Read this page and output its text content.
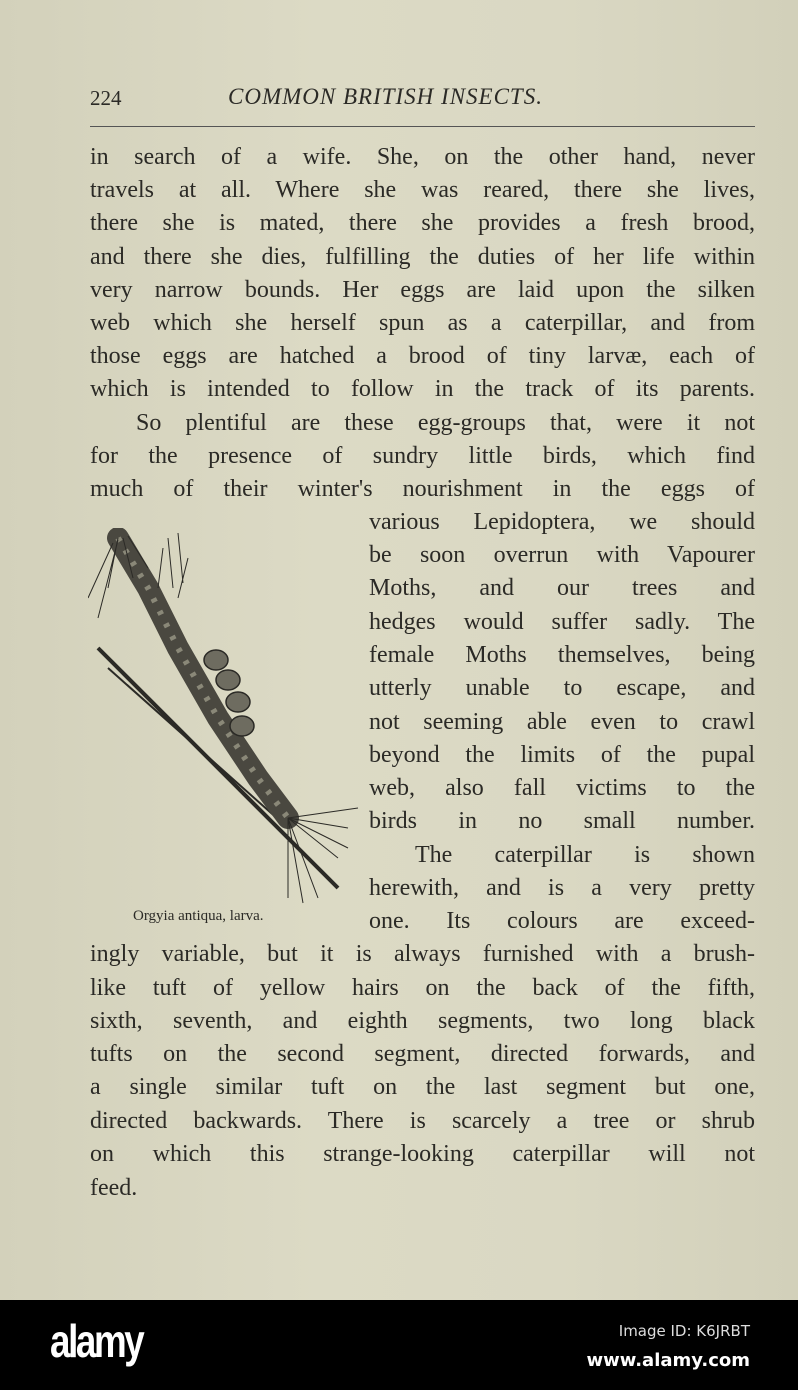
224	COMMON BRITISH INSECTS.
in search of a wife. She, on the other hand, never
travels at all. Where she was reared, there she lives,
there she is mated, there she provides a fresh brood,
and there she dies, fulfilling the duties of her life within
very narrow bounds. Her eggs are laid upon the silken
web which she herself spun as a caterpillar, and from
those eggs are hatched a brood of tiny larvæ, each of
which is intended to follow in the track of its parents.
So plentiful are these egg-groups that, were it not
for the presence of sundry little birds, which find
much of their winter's nourishment in the eggs of
various Lepidoptera, we should
be soon overrun with Vapourer
Moths, and our trees and
hedges would suffer sadly. The
female Moths themselves, being
utterly unable to escape, and
not seeming able even to crawl
beyond the limits of the pupal
web, also fall victims to the
birds in no small number.
The caterpillar is shown
herewith, and is a very pretty
one. Its colours are exceed-
ingly variable, but it is always furnished with a brush-
like tuft of yellow hairs on the back of the fifth,
sixth, seventh, and eighth segments, two long black
tufts on the second segment, directed forwards, and
a single similar tuft on the last segment but one,
directed backwards. There is scarcely a tree or shrub
on which this strange-looking caterpillar will not
feed.
Orgyia antiqua, larva.
alamy	Image ID: K6JRBT
www.alamy.com
